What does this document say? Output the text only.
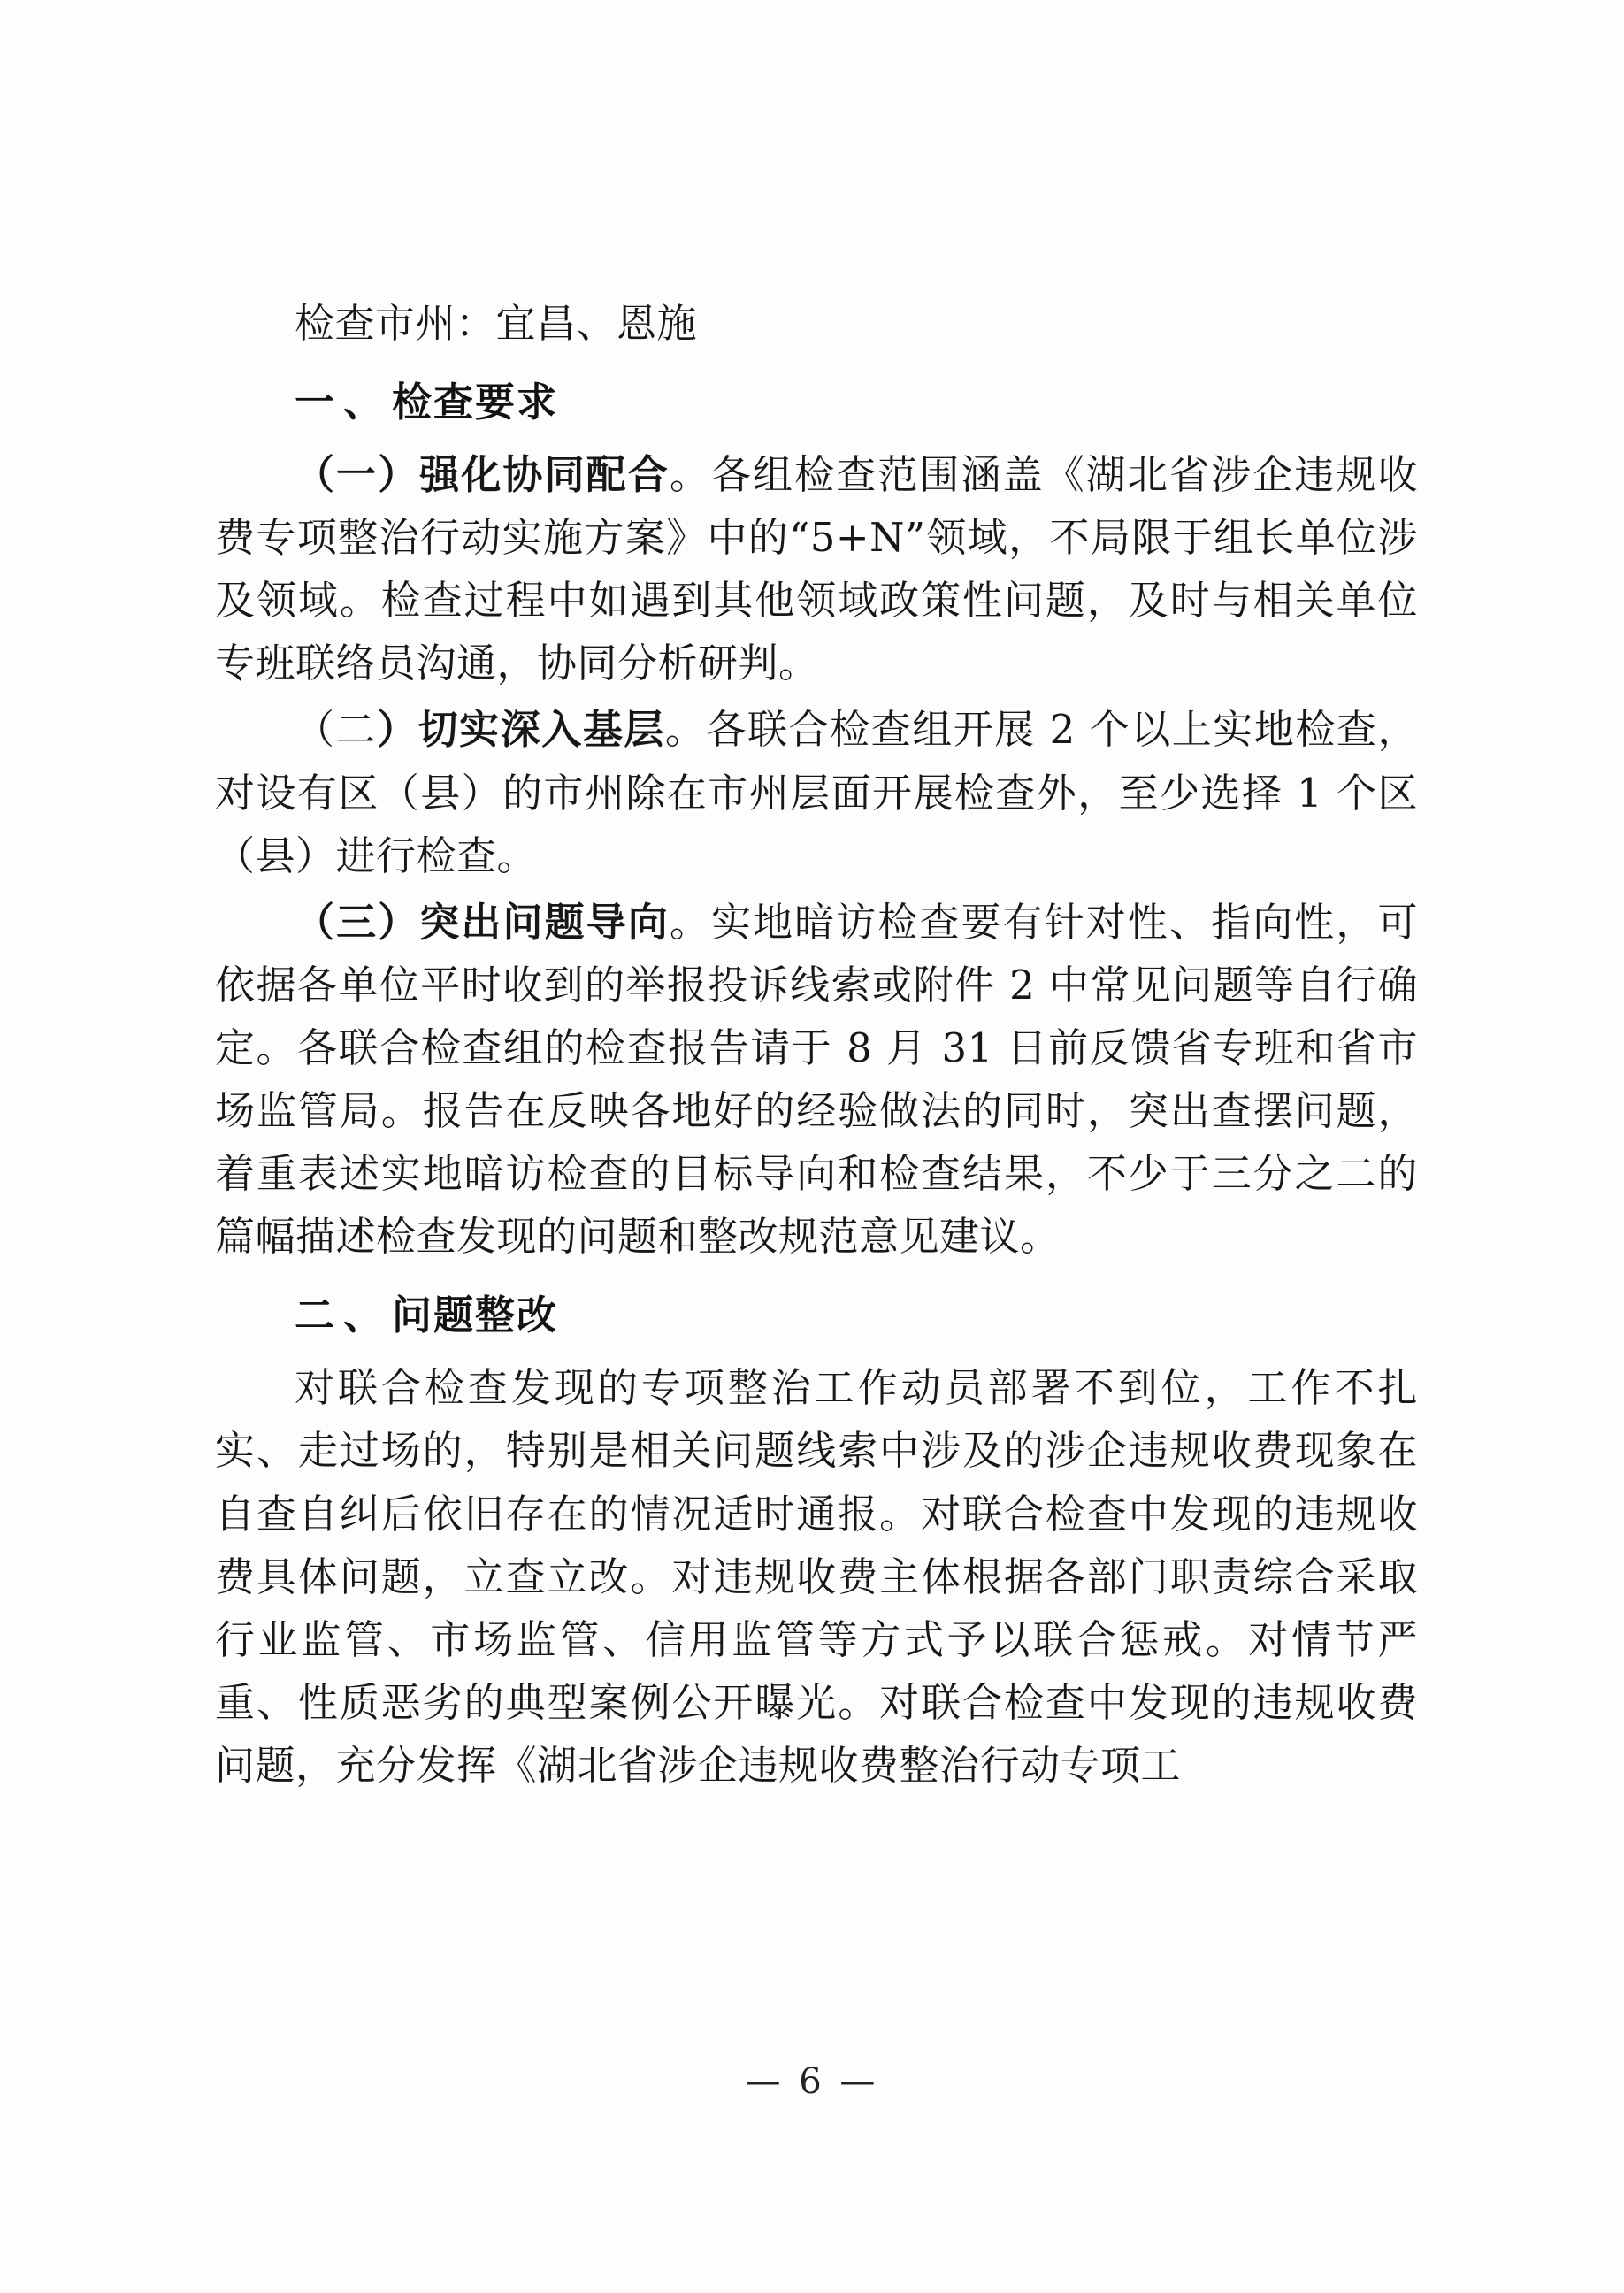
检查市州：宜昌、恩施

一、检查要求

（一）强化协同配合。各组检查范围涵盖《湖北省涉企违规收费专项整治行动实施方案》中的“5+N”领域，不局限于组长单位涉及领域。检查过程中如遇到其他领域政策性问题，及时与相关单位专班联络员沟通，协同分析研判。

（二）切实深入基层。各联合检查组开展 2 个以上实地检查，对设有区（县）的市州除在市州层面开展检查外，至少选择 1 个区（县）进行检查。

（三）突出问题导向。实地暗访检查要有针对性、指向性，可依据各单位平时收到的举报投诉线索或附件 2 中常见问题等自行确定。各联合检查组的检查报告请于 8 月 31 日前反馈省专班和省市场监管局。报告在反映各地好的经验做法的同时，突出查摆问题，着重表述实地暗访检查的目标导向和检查结果，不少于三分之二的篇幅描述检查发现的问题和整改规范意见建议。

二、问题整改

对联合检查发现的专项整治工作动员部署不到位，工作不扎实、走过场的，特别是相关问题线索中涉及的涉企违规收费现象在自查自纠后依旧存在的情况适时通报。对联合检查中发现的违规收费具体问题，立查立改。对违规收费主体根据各部门职责综合采取行业监管、市场监管、信用监管等方式予以联合惩戒。对情节严重、性质恶劣的典型案例公开曝光。对联合检查中发现的违规收费问题，充分发挥《湖北省涉企违规收费整治行动专项工

— 6 —
